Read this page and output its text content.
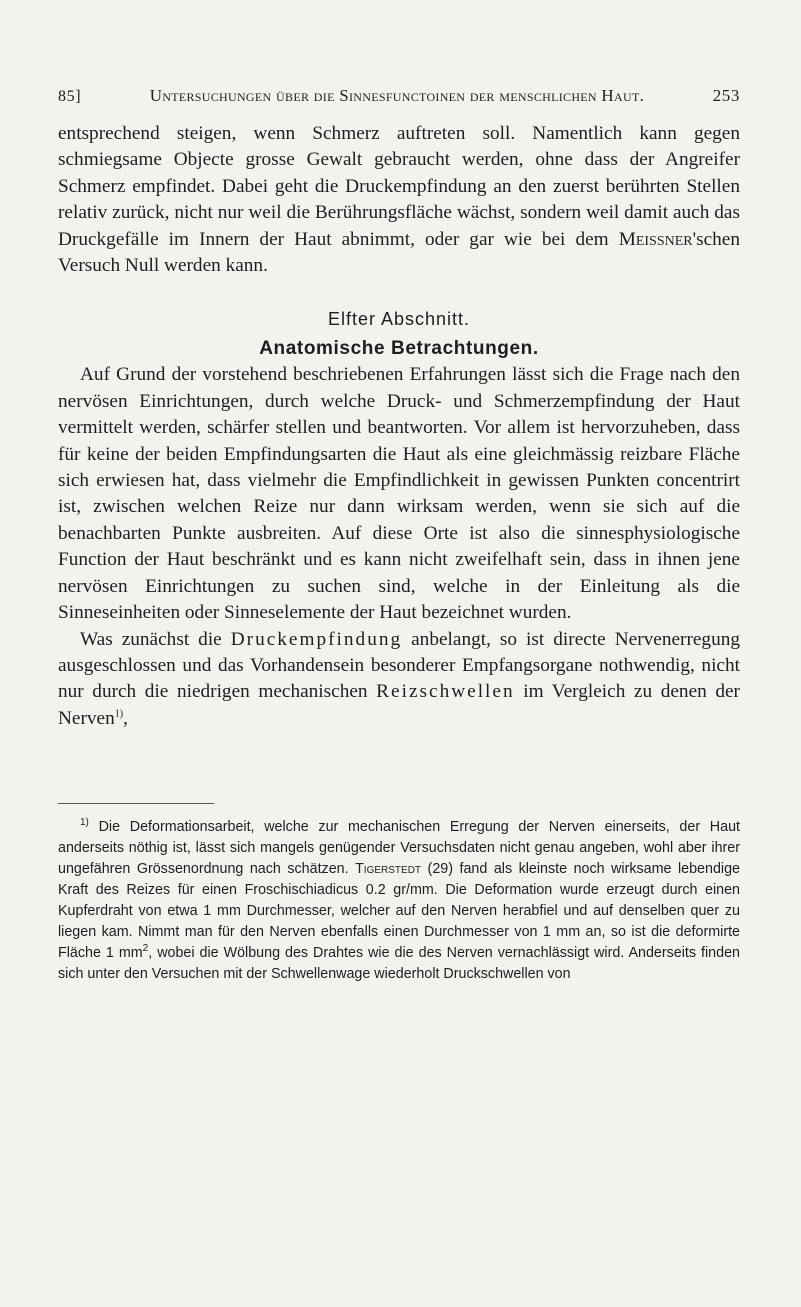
85]	Untersuchungen über die Sinnesfunctoinen der menschlichen Haut.	253

entsprechend steigen, wenn Schmerz auftreten soll. Namentlich kann gegen schmiegsame Objecte grosse Gewalt gebraucht werden, ohne dass der Angreifer Schmerz empfindet. Dabei geht die Druckempfindung an den zuerst berührten Stellen relativ zurück, nicht nur weil die Berührungsfläche wächst, sondern weil damit auch das Druckgefälle im Innern der Haut abnimmt, oder gar wie bei dem Meissner'schen Versuch Null werden kann.

Elfter Abschnitt.
Anatomische Betrachtungen.

Auf Grund der vorstehend beschriebenen Erfahrungen lässt sich die Frage nach den nervösen Einrichtungen, durch welche Druck- und Schmerzempfindung der Haut vermittelt werden, schärfer stellen und beantworten. Vor allem ist hervorzuheben, dass für keine der beiden Empfindungsarten die Haut als eine gleichmässig reizbare Fläche sich erwiesen hat, dass vielmehr die Empfindlichkeit in gewissen Punkten concentrirt ist, zwischen welchen Reize nur dann wirksam werden, wenn sie sich auf die benachbarten Punkte ausbreiten. Auf diese Orte ist also die sinnesphysiologische Function der Haut beschränkt und es kann nicht zweifelhaft sein, dass in ihnen jene nervösen Einrichtungen zu suchen sind, welche in der Einleitung als die Sinneseinheiten oder Sinneselemente der Haut bezeichnet wurden.

Was zunächst die Druckempfindung anbelangt, so ist directe Nervenerregung ausgeschlossen und das Vorhandensein besonderer Empfangsorgane nothwendig, nicht nur durch die niedrigen mechanischen Reizschwellen im Vergleich zu denen der Nerven$^{1)}$,

$^{1)}$ Die Deformationsarbeit, welche zur mechanischen Erregung der Nerven einerseits, der Haut anderseits nöthig ist, lässt sich mangels genügender Versuchsdaten nicht genau angeben, wohl aber ihrer ungefähren Grössenordnung nach schätzen. Tigerstedt (29) fand als kleinste noch wirksame lebendige Kraft des Reizes für einen Froschischiadicus 0.2 gr/mm. Die Deformation wurde erzeugt durch einen Kupferdraht von etwa 1 mm Durchmesser, welcher auf den Nerven herabfiel und auf denselben quer zu liegen kam. Nimmt man für den Nerven ebenfalls einen Durchmesser von 1 mm an, so ist die deformirte Fläche 1 $mm^2$, wobei die Wölbung des Drahtes wie die des Nerven vernachlässigt wird. Anderseits finden sich unter den Versuchen mit der Schwellenwage wiederholt Druckschwellen von
